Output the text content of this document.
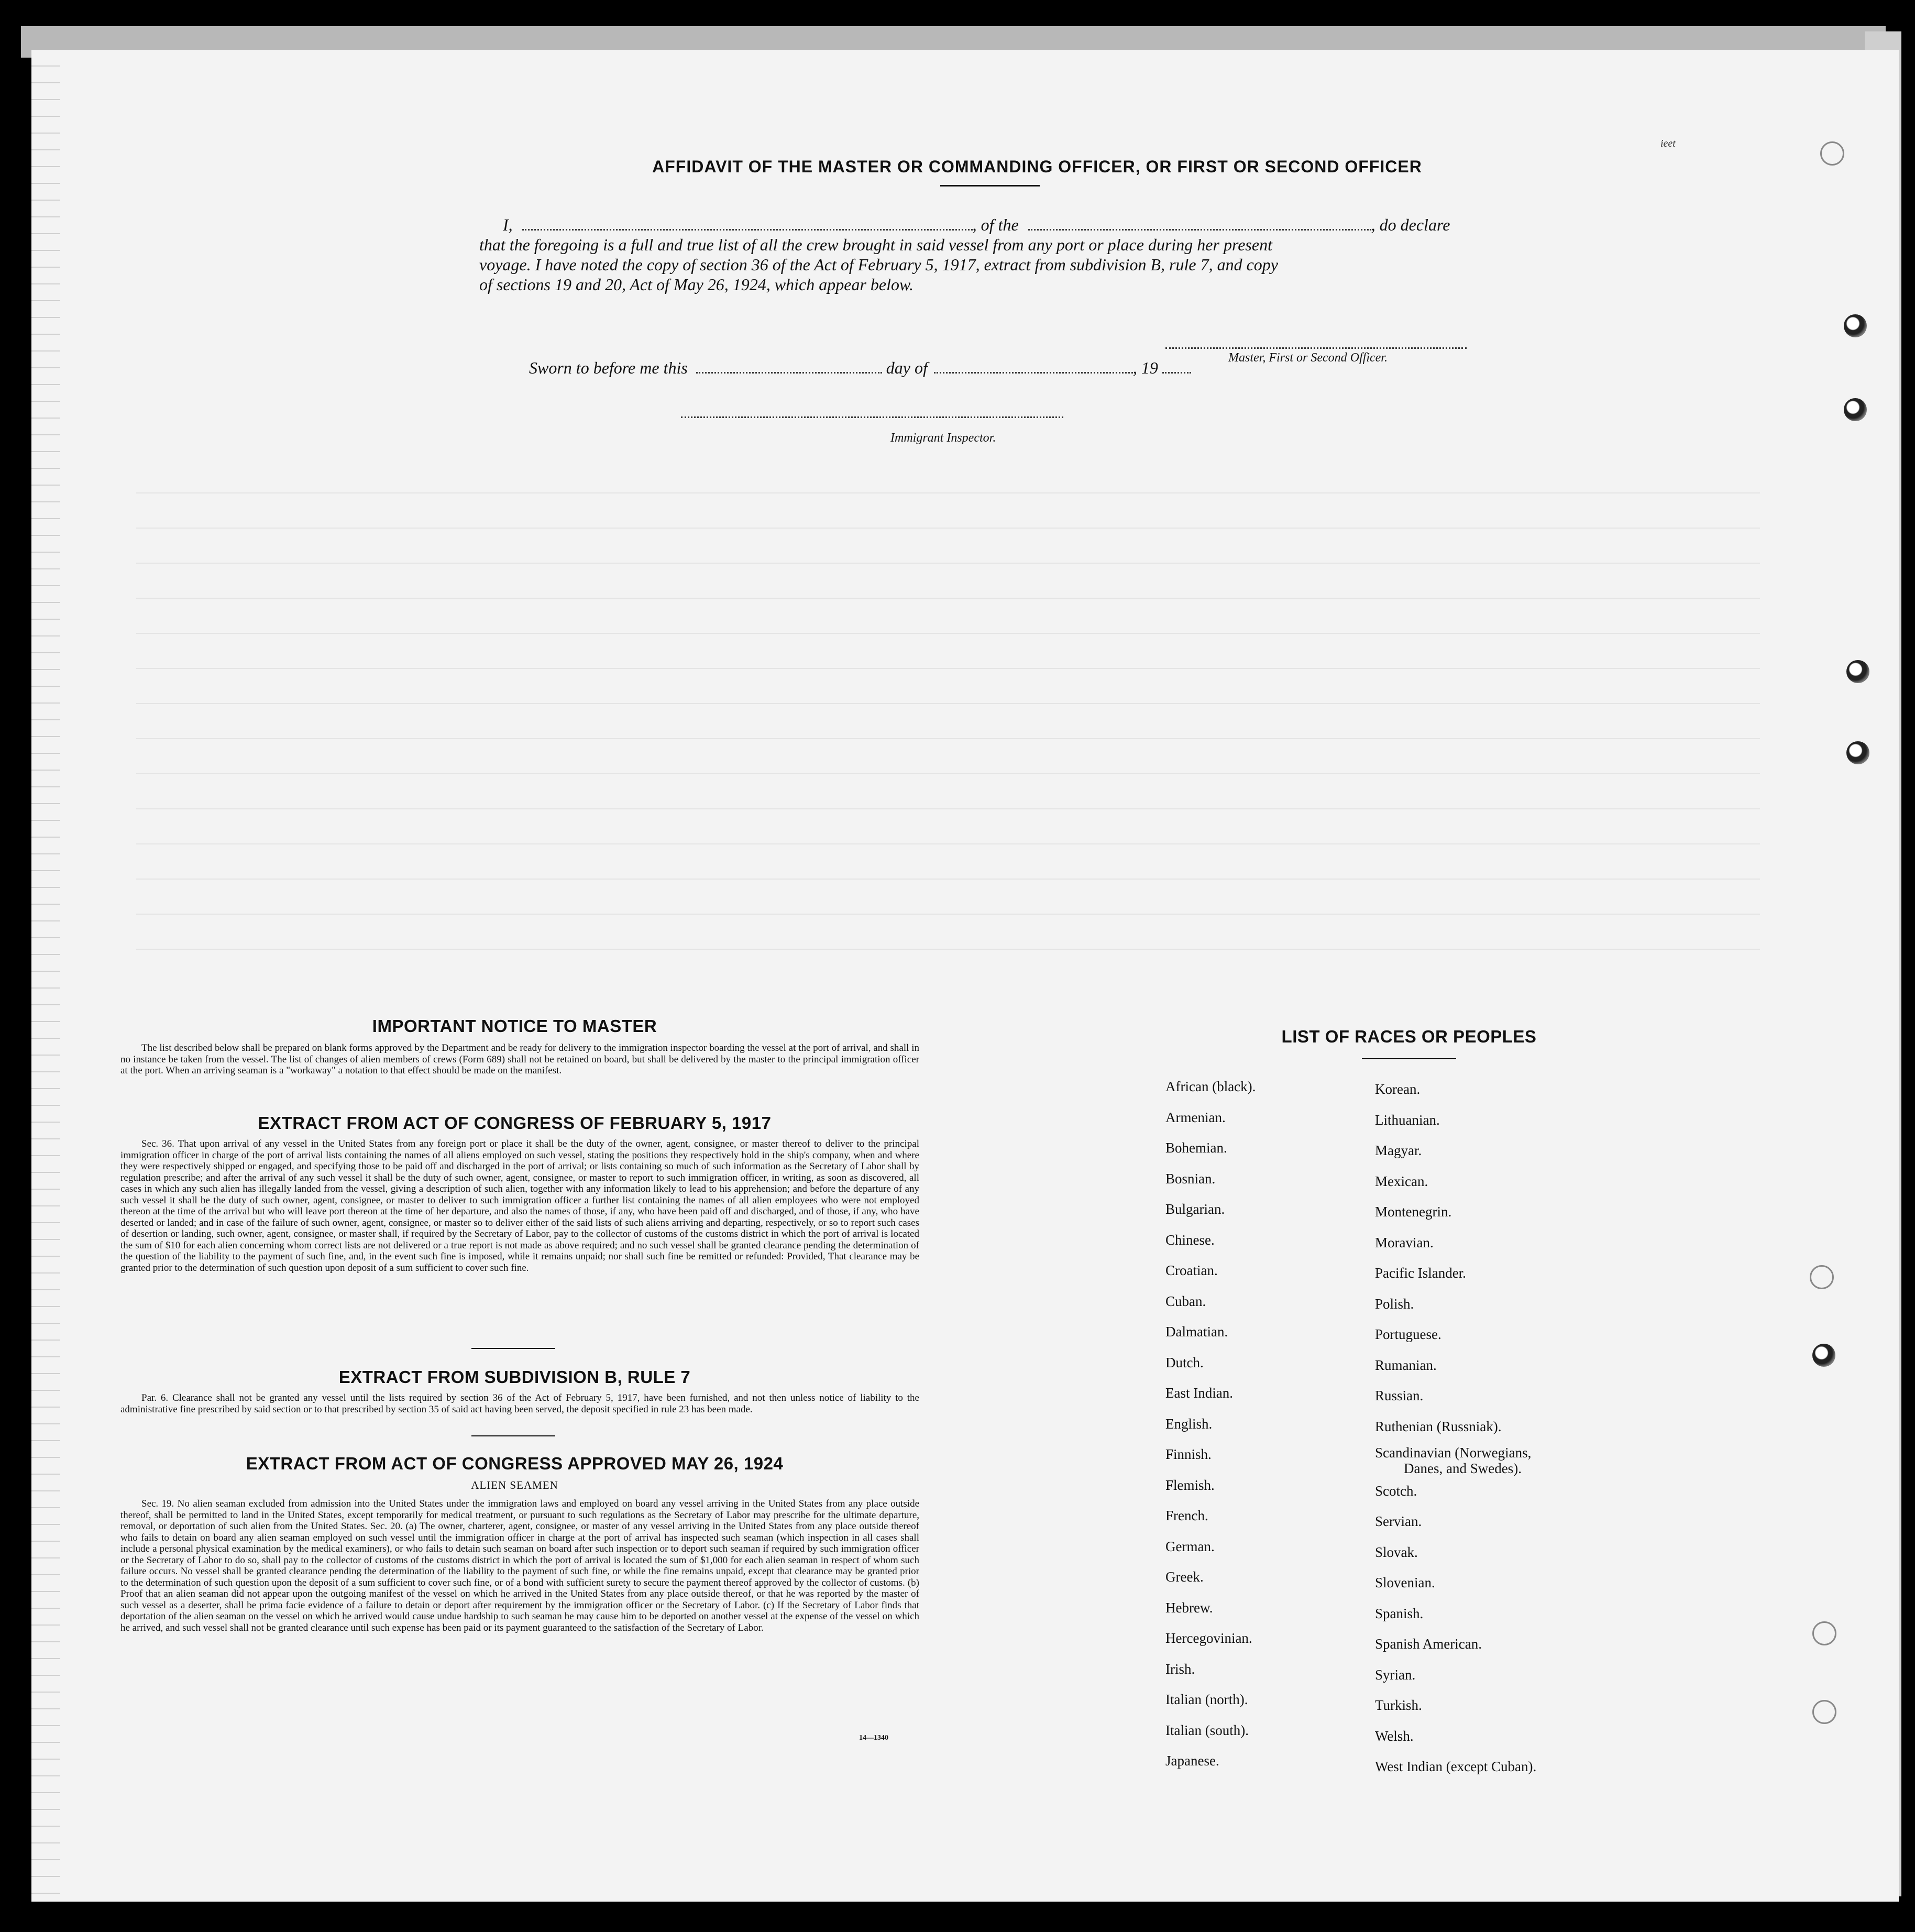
ieet
AFFIDAVIT OF THE MASTER OR COMMANDING OFFICER, OR FIRST OR SECOND OFFICER
I,	, of the	, do declare
that the foregoing is a full and true list of all the crew brought in said vessel from any port or place during her present
voyage. I have noted the copy of section 36 of the Act of February 5, 1917, extract from subdivision B, rule 7, and copy
of sections 19 and 20, Act of May 26, 1924, which appear below.
Master, First or Second Officer.
Sworn to before me this	day of	, 19
Immigrant Inspector.
IMPORTANT NOTICE TO MASTER
The list described below shall be prepared on blank forms approved by the Department and be ready for delivery to the immigration inspector boarding the vessel at the port of arrival, and shall in no instance be taken from the vessel. The list of changes of alien members of crews (Form 689) shall not be retained on board, but shall be delivered by the master to the principal immigration officer at the port. When an arriving seaman is a "workaway" a notation to that effect should be made on the manifest.
EXTRACT FROM ACT OF CONGRESS OF FEBRUARY 5, 1917
Sec. 36. That upon arrival of any vessel in the United States from any foreign port or place it shall be the duty of the owner, agent, consignee, or master thereof to deliver to the principal immigration officer in charge of the port of arrival lists containing the names of all aliens employed on such vessel, stating the positions they respectively hold in the ship's company, when and where they were respectively shipped or engaged, and specifying those to be paid off and discharged in the port of arrival; or lists containing so much of such information as the Secretary of Labor shall by regulation prescribe; and after the arrival of any such vessel it shall be the duty of such owner, agent, consignee, or master to report to such immigration officer, in writing, as soon as discovered, all cases in which any such alien has illegally landed from the vessel, giving a description of such alien, together with any information likely to lead to his apprehension; and before the departure of any such vessel it shall be the duty of such owner, agent, consignee, or master to deliver to such immigration officer a further list containing the names of all alien employees who were not employed thereon at the time of the arrival but who will leave port thereon at the time of her departure, and also the names of those, if any, who have been paid off and discharged, and of those, if any, who have deserted or landed; and in case of the failure of such owner, agent, consignee, or master so to deliver either of the said lists of such aliens arriving and departing, respectively, or so to report such cases of desertion or landing, such owner, agent, consignee, or master shall, if required by the Secretary of Labor, pay to the collector of customs of the customs district in which the port of arrival is located the sum of $10 for each alien concerning whom correct lists are not delivered or a true report is not made as above required; and no such vessel shall be granted clearance pending the determination of the question of the liability to the payment of such fine, and, in the event such fine is imposed, while it remains unpaid; nor shall such fine be remitted or refunded: Provided, That clearance may be granted prior to the determination of such question upon deposit of a sum sufficient to cover such fine.
EXTRACT FROM SUBDIVISION B, RULE 7
Par. 6. Clearance shall not be granted any vessel until the lists required by section 36 of the Act of February 5, 1917, have been furnished, and not then unless notice of liability to the administrative fine prescribed by said section or to that prescribed by section 35 of said act having been served, the deposit specified in rule 23 has been made.
EXTRACT FROM ACT OF CONGRESS APPROVED MAY 26, 1924
ALIEN SEAMEN
Sec. 19. No alien seaman excluded from admission into the United States under the immigration laws and employed on board any vessel arriving in the United States from any place outside thereof, shall be permitted to land in the United States, except temporarily for medical treatment, or pursuant to such regulations as the Secretary of Labor may prescribe for the ultimate departure, removal, or deportation of such alien from the United States. Sec. 20. (a) The owner, charterer, agent, consignee, or master of any vessel arriving in the United States from any place outside thereof who fails to detain on board any alien seaman employed on such vessel until the immigration officer in charge at the port of arrival has inspected such seaman (which inspection in all cases shall include a personal physical examination by the medical examiners), or who fails to detain such seaman on board after such inspection or to deport such seaman if required by such immigration officer or the Secretary of Labor to do so, shall pay to the collector of customs of the customs district in which the port of arrival is located the sum of $1,000 for each alien seaman in respect of whom such failure occurs. No vessel shall be granted clearance pending the determination of the liability to the payment of such fine, or while the fine remains unpaid, except that clearance may be granted prior to the determination of such question upon the deposit of a sum sufficient to cover such fine, or of a bond with sufficient surety to secure the payment thereof approved by the collector of customs. (b) Proof that an alien seaman did not appear upon the outgoing manifest of the vessel on which he arrived in the United States from any place outside thereof, or that he was reported by the master of such vessel as a deserter, shall be prima facie evidence of a failure to detain or deport after requirement by the immigration officer or the Secretary of Labor. (c) If the Secretary of Labor finds that deportation of the alien seaman on the vessel on which he arrived would cause undue hardship to such seaman he may cause him to be deported on another vessel at the expense of the vessel on which he arrived, and such vessel shall not be granted clearance until such expense has been paid or its payment guaranteed to the satisfaction of the Secretary of Labor.
14—1340
LIST OF RACES OR PEOPLES
African (black).
Armenian.
Bohemian.
Bosnian.
Bulgarian.
Chinese.
Croatian.
Cuban.
Dalmatian.
Dutch.
East Indian.
English.
Finnish.
Flemish.
French.
German.
Greek.
Hebrew.
Hercegovinian.
Irish.
Italian (north).
Italian (south).
Japanese.
Korean.
Lithuanian.
Magyar.
Mexican.
Montenegrin.
Moravian.
Pacific Islander.
Polish.
Portuguese.
Rumanian.
Russian.
Ruthenian (Russniak).
Scandinavian (Norwegians,
Danes, and Swedes).
Scotch.
Servian.
Slovak.
Slovenian.
Spanish.
Spanish American.
Syrian.
Turkish.
Welsh.
West Indian (except Cuban).
